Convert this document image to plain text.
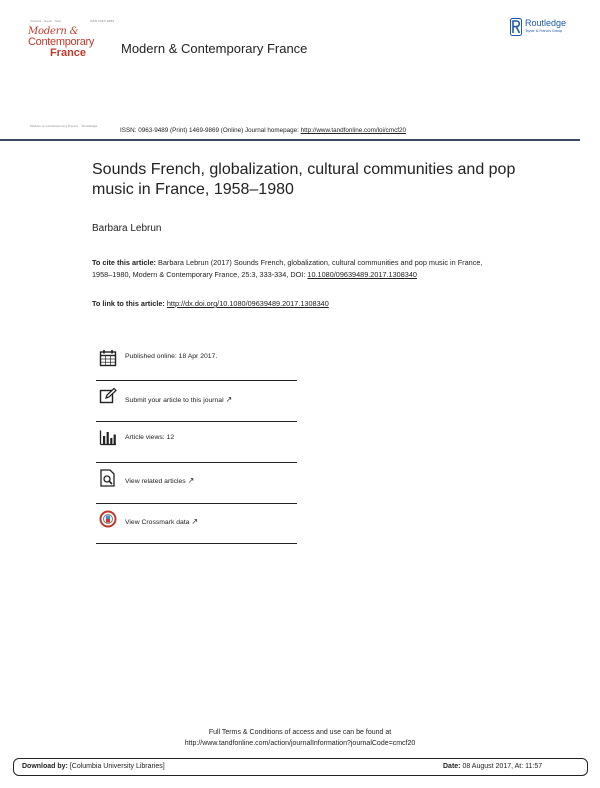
Volume · Issue · Year	ISSN 0963-9489
Modern &
Contemporary
France	Modern & Contemporary France
Routledge
Taylor & Francis Group
Modern & Contemporary France Routledge
ISSN: 0963-9489 (Print) 1469-9869 (Online) Journal homepage: http://www.tandfonline.com/loi/cmcf20
Sounds French, globalization, cultural communities and pop music in France, 1958–1980
Barbara Lebrun
To cite this article: Barbara Lebrun (2017) Sounds French, globalization, cultural communities and pop music in France, 1958–1980, Modern & Contemporary France, 25:3, 333-334, DOI: 10.1080/09639489.2017.1308340
To link to this article: http://dx.doi.org/10.1080/09639489.2017.1308340
Published online: 18 Apr 2017.
Submit your article to this journal ↗
Article views: 12
View related articles ↗
View Crossmark data ↗
Full Terms & Conditions of access and use can be found at
http://www.tandfonline.com/action/journalInformation?journalCode=cmcf20
Download by: [Columbia University Libraries]	Date: 08 August 2017, At: 11:57
